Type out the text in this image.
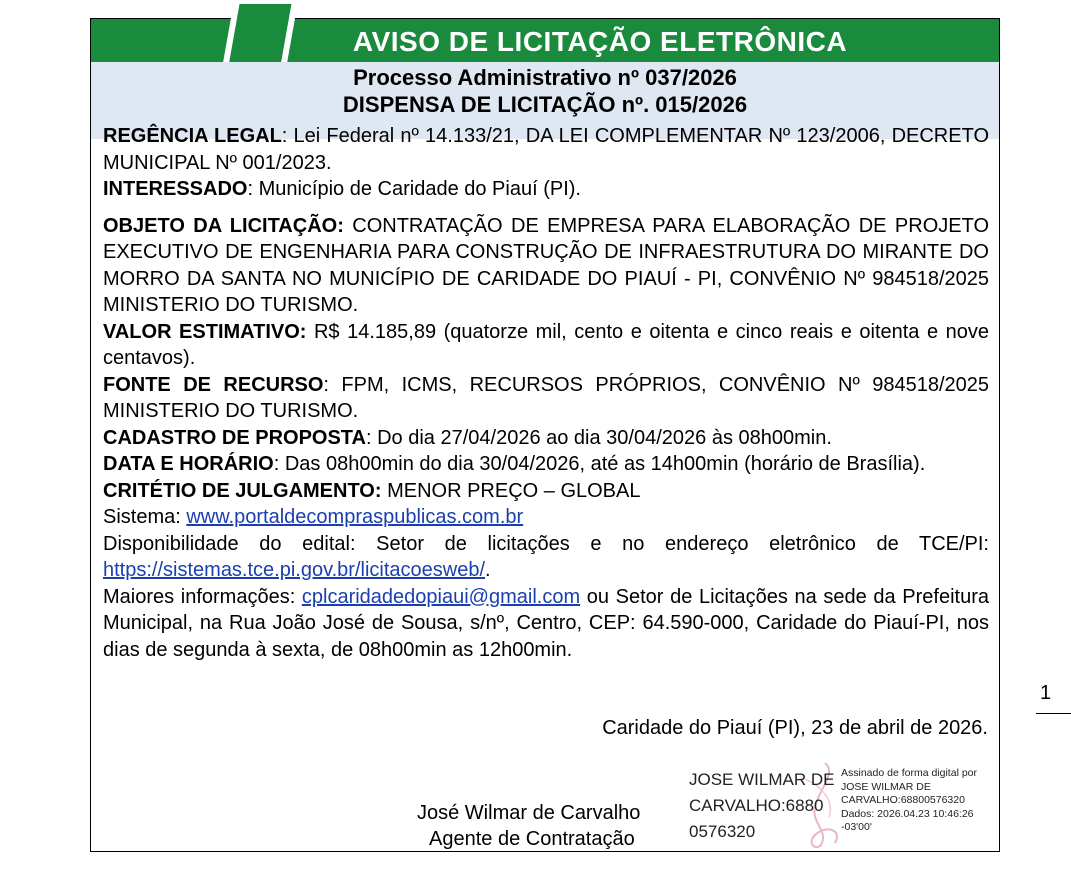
AVISO DE LICITAÇÃO ELETRÔNICA
Processo Administrativo nº 037/2026
DISPENSA DE LICITAÇÃO nº. 015/2026

REGÊNCIA LEGAL: Lei Federal nº 14.133/21, DA LEI COMPLEMENTAR Nº 123/2006, DECRETO MUNICIPAL Nº 001/2023.

INTERESSADO: Município de Caridade do Piauí (PI).

OBJETO DA LICITAÇÃO: CONTRATAÇÃO DE EMPRESA PARA ELABORAÇÃO DE PROJETO EXECUTIVO DE ENGENHARIA PARA CONSTRUÇÃO DE INFRAESTRUTURA DO MIRANTE DO MORRO DA SANTA NO MUNICÍPIO DE CARIDADE DO PIAUÍ - PI, CONVÊNIO Nº 984518/2025 MINISTERIO DO TURISMO.

VALOR ESTIMATIVO: R$ 14.185,89 (quatorze mil, cento e oitenta e cinco reais e oitenta e nove centavos).

FONTE DE RECURSO: FPM, ICMS, RECURSOS PRÓPRIOS, CONVÊNIO Nº 984518/2025 MINISTERIO DO TURISMO.

CADASTRO DE PROPOSTA: Do dia 27/04/2026 ao dia 30/04/2026 às 08h00min.

DATA E HORÁRIO: Das 08h00min do dia 30/04/2026, até as 14h00min (horário de Brasília).

CRITÉTIO DE JULGAMENTO: MENOR PREÇO – GLOBAL

Sistema: www.portaldecompraspublicas.com.br

Disponibilidade do edital: Setor de licitações e no endereço eletrônico de TCE/PI: https://sistemas.tce.pi.gov.br/licitacoesweb/.

Maiores informações: cplcaridadedopiaui@gmail.com ou Setor de Licitações na sede da Prefeitura Municipal, na Rua João José de Sousa, s/nº, Centro, CEP: 64.590-000, Caridade do Piauí-PI, nos dias de segunda à sexta, de 08h00min as 12h00min.

Caridade do Piauí (PI), 23 de abril de 2026.
José Wilmar de Carvalho
Agente de Contratação
JOSE WILMAR DE CARVALHO:6880 0576320
Assinado de forma digital por JOSE WILMAR DE CARVALHO:68800576320 Dados: 2026.04.23 10:46:26 -03'00'
1
